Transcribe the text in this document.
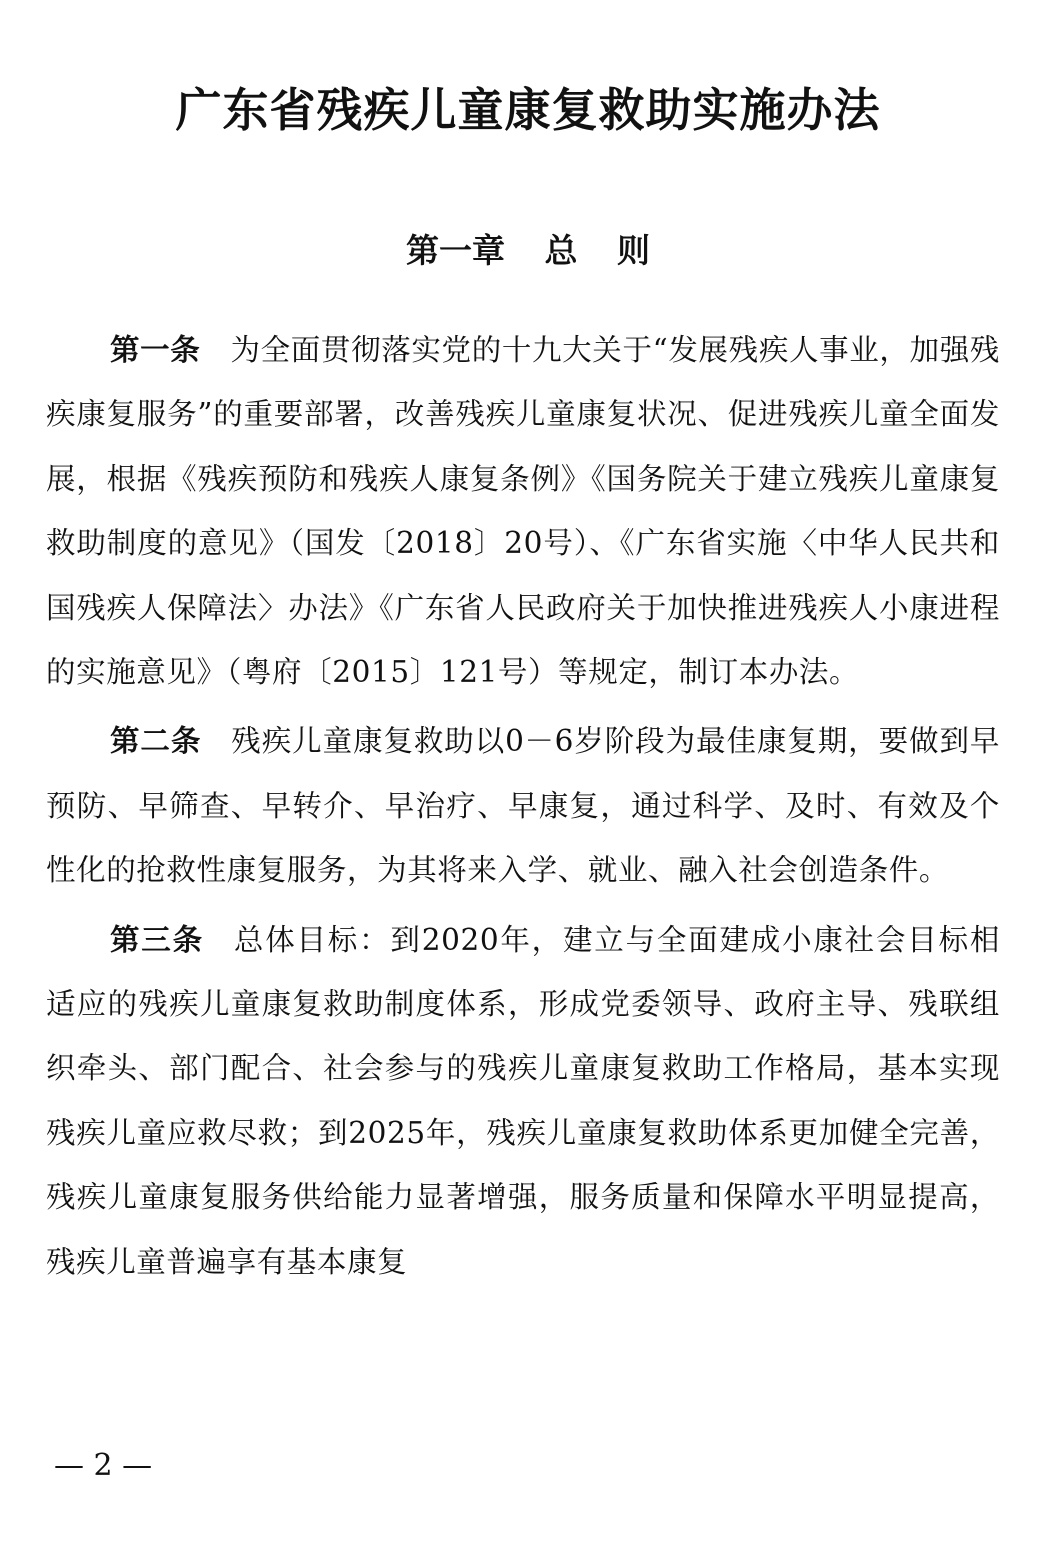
广东省残疾儿童康复救助实施办法
第一章 总 则

第一条 为全面贯彻落实党的十九大关于“发展残疾人事业，加强残疾康复服务”的重要部署，改善残疾儿童康复状况、促进残疾儿童全面发展，根据《残疾预防和残疾人康复条例》《国务院关于建立残疾儿童康复救助制度的意见》（国发〔2018〕20号）、《广东省实施〈中华人民共和国残疾人保障法〉办法》《广东省人民政府关于加快推进残疾人小康进程的实施意见》（粤府〔2015〕121号）等规定，制订本办法。

第二条 残疾儿童康复救助以0－6岁阶段为最佳康复期，要做到早预防、早筛查、早转介、早治疗、早康复，通过科学、及时、有效及个性化的抢救性康复服务，为其将来入学、就业、融入社会创造条件。

第三条 总体目标：到2020年，建立与全面建成小康社会目标相适应的残疾儿童康复救助制度体系，形成党委领导、政府主导、残联组织牵头、部门配合、社会参与的残疾儿童康复救助工作格局，基本实现残疾儿童应救尽救；到2025年，残疾儿童康复救助体系更加健全完善，残疾儿童康复服务供给能力显著增强，服务质量和保障水平明显提高，残疾儿童普遍享有基本康复

— 2 —
